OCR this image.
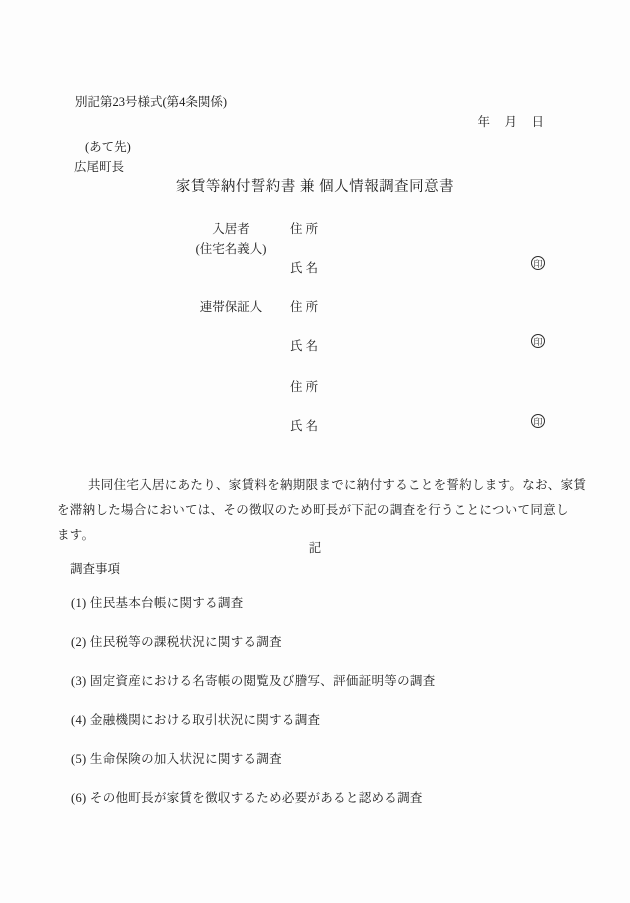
別記第23号様式(第4条関係)
年　月　日
(あて先)
広尾町長
家賃等納付誓約書 兼 個人情報調査同意書
入居者
(住宅名義人)
住 所
氏 名	印
連帯保証人	住 所
氏 名	印
住 所
氏 名	印
共同住宅入居にあたり、家賃料を納期限までに納付することを誓約します。なお、家賃
を滞納した場合においては、その徴収のため町長が下記の調査を行うことについて同意し
ます。
記
調査事項
(1) 住民基本台帳に関する調査
(2) 住民税等の課税状況に関する調査
(3) 固定資産における名寄帳の閲覧及び謄写、評価証明等の調査
(4) 金融機関における取引状況に関する調査
(5) 生命保険の加入状況に関する調査
(6) その他町長が家賃を徴収するため必要があると認める調査
